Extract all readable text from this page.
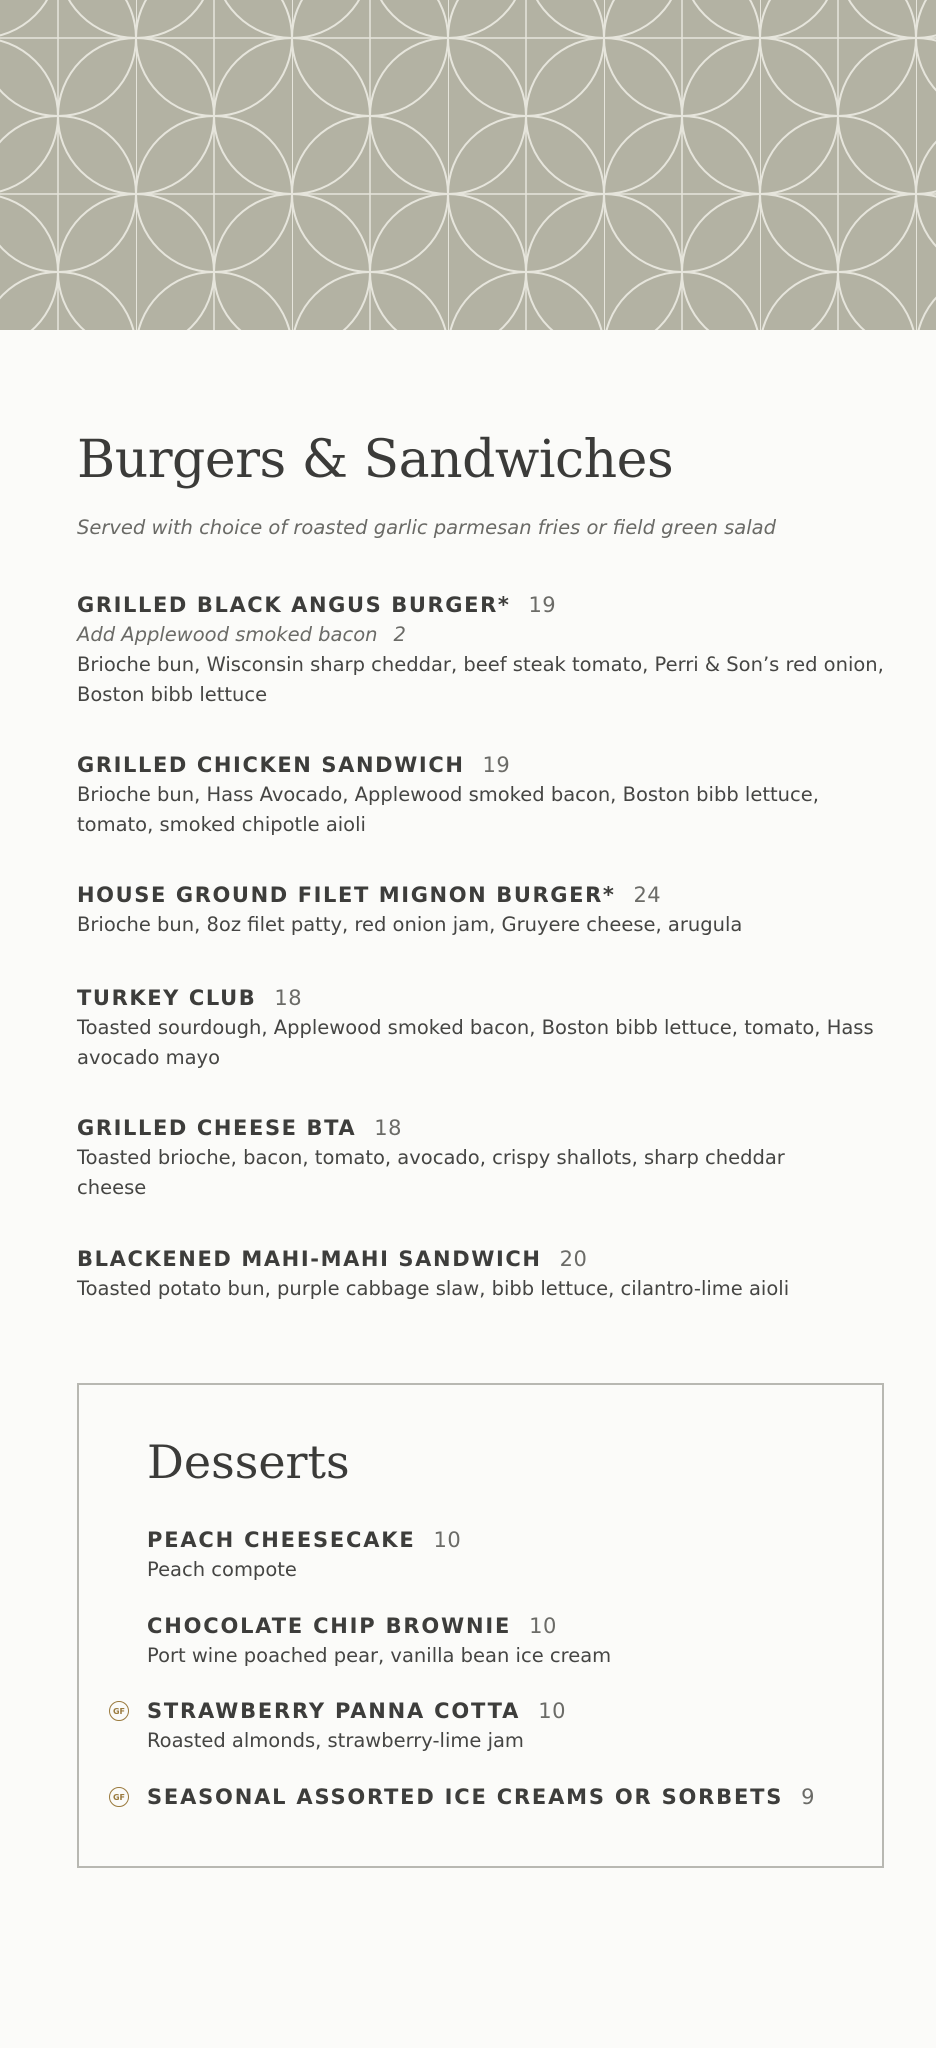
Burgers & Sandwiches
Served with choice of roasted garlic parmesan fries or field green salad
GRILLED BLACK ANGUS BURGER* 19
Add Applewood smoked bacon 2
Brioche bun, Wisconsin sharp cheddar, beef steak tomato, Perri & Son’s red onion, Boston bibb lettuce
GRILLED CHICKEN SANDWICH 19
Brioche bun, Hass Avocado, Applewood smoked bacon, Boston bibb lettuce, tomato, smoked chipotle aioli
HOUSE GROUND FILET MIGNON BURGER* 24
Brioche bun, 8oz filet patty, red onion jam, Gruyere cheese, arugula
TURKEY CLUB 18
Toasted sourdough, Applewood smoked bacon, Boston bibb lettuce, tomato, Hass avocado mayo
GRILLED CHEESE BTA 18
Toasted brioche, bacon, tomato, avocado, crispy shallots, sharp cheddar cheese
BLACKENED MAHI-MAHI SANDWICH 20
Toasted potato bun, purple cabbage slaw, bibb lettuce, cilantro-lime aioli
Desserts
PEACH CHEESECAKE 10
Peach compote
CHOCOLATE CHIP BROWNIE 10
Port wine poached pear, vanilla bean ice cream
GF STRAWBERRY PANNA COTTA 10
Roasted almonds, strawberry-lime jam
GF SEASONAL ASSORTED ICE CREAMS OR SORBETS 9
